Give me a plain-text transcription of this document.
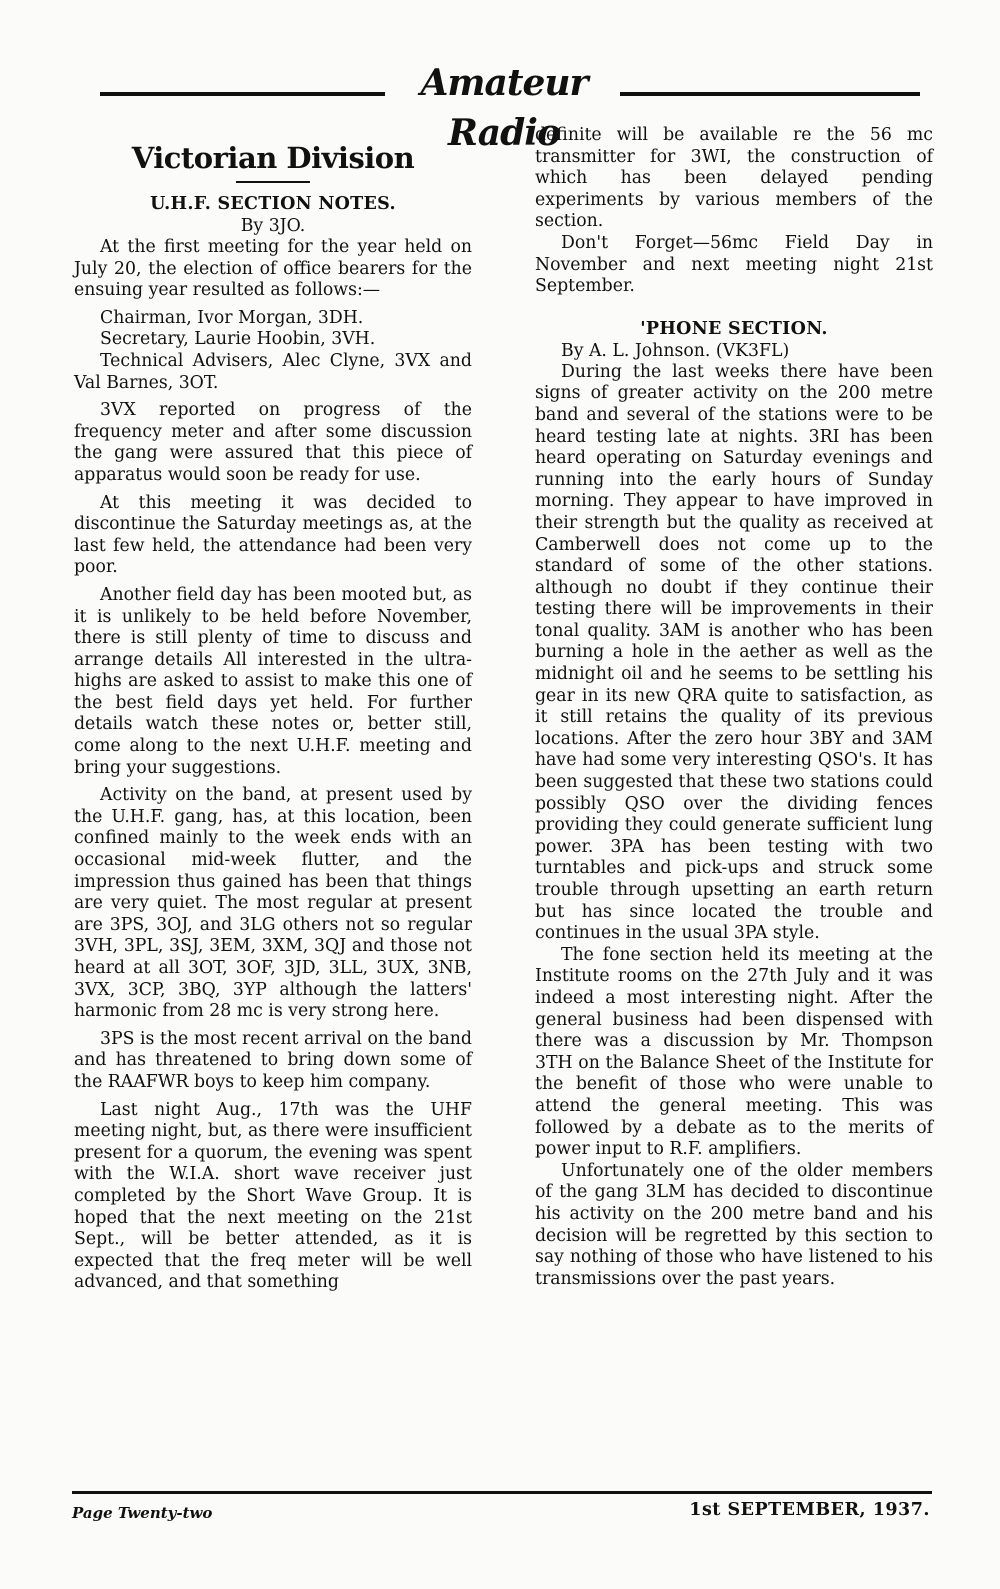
Amateur Radio
Victorian Division
U.H.F. SECTION NOTES.
By 3JO.

At the first meeting for the year held on July 20, the election of office bearers for the ensuing year resulted as follows:—

Chairman, Ivor Morgan, 3DH.

Secretary, Laurie Hoobin, 3VH.

Technical Advisers, Alec Clyne, 3VX and Val Barnes, 3OT.

3VX reported on progress of the frequency meter and after some discussion the gang were assured that this piece of apparatus would soon be ready for use.

At this meeting it was decided to discontinue the Saturday meetings as, at the last few held, the attendance had been very poor.

Another field day has been mooted but, as it is unlikely to be held before November, there is still plenty of time to discuss and arrange details All interested in the ultra-highs are asked to assist to make this one of the best field days yet held. For further details watch these notes or, better still, come along to the next U.H.F. meeting and bring your suggestions.

Activity on the band, at present used by the U.H.F. gang, has, at this location, been confined mainly to the week ends with an occasional mid-week flutter, and the impression thus gained has been that things are very quiet. The most regular at present are 3PS, 3OJ, and 3LG others not so regular 3VH, 3PL, 3SJ, 3EM, 3XM, 3QJ and those not heard at all 3OT, 3OF, 3JD, 3LL, 3UX, 3NB, 3VX, 3CP, 3BQ, 3YP although the latters' harmonic from 28 mc is very strong here.

3PS is the most recent arrival on the band and has threatened to bring down some of the RAAFWR boys to keep him company.

Last night Aug., 17th was the UHF meeting night, but, as there were insufficient present for a quorum, the evening was spent with the W.I.A. short wave receiver just completed by the Short Wave Group. It is hoped that the next meeting on the 21st Sept., will be better attended, as it is expected that the freq meter will be well advanced, and that something

definite will be available re the 56 mc transmitter for 3WI, the construction of which has been delayed pending experiments by various members of the section.

Don't Forget—56mc Field Day in November and next meeting night 21st September.

'PHONE SECTION.
By A. L. Johnson. (VK3FL)

During the last weeks there have been signs of greater activity on the 200 metre band and several of the stations were to be heard testing late at nights. 3RI has been heard operating on Saturday evenings and running into the early hours of Sunday morning. They appear to have improved in their strength but the quality as received at Camberwell does not come up to the standard of some of the other stations. although no doubt if they continue their testing there will be improvements in their tonal quality. 3AM is another who has been burning a hole in the aether as well as the midnight oil and he seems to be settling his gear in its new QRA quite to satisfaction, as it still retains the quality of its previous locations. After the zero hour 3BY and 3AM have had some very interesting QSO's. It has been suggested that these two stations could possibly QSO over the dividing fences providing they could generate sufficient lung power. 3PA has been testing with two turntables and pick-ups and struck some trouble through upsetting an earth return but has since located the trouble and continues in the usual 3PA style.

The fone section held its meeting at the Institute rooms on the 27th July and it was indeed a most interesting night. After the general business had been dispensed with there was a discussion by Mr. Thompson 3TH on the Balance Sheet of the Institute for the benefit of those who were unable to attend the general meeting. This was followed by a debate as to the merits of power input to R.F. amplifiers.

Unfortunately one of the older members of the gang 3LM has decided to discontinue his activity on the 200 metre band and his decision will be regretted by this section to say nothing of those who have listened to his transmissions over the past years.

Page Twenty-two	1st SEPTEMBER, 1937.
